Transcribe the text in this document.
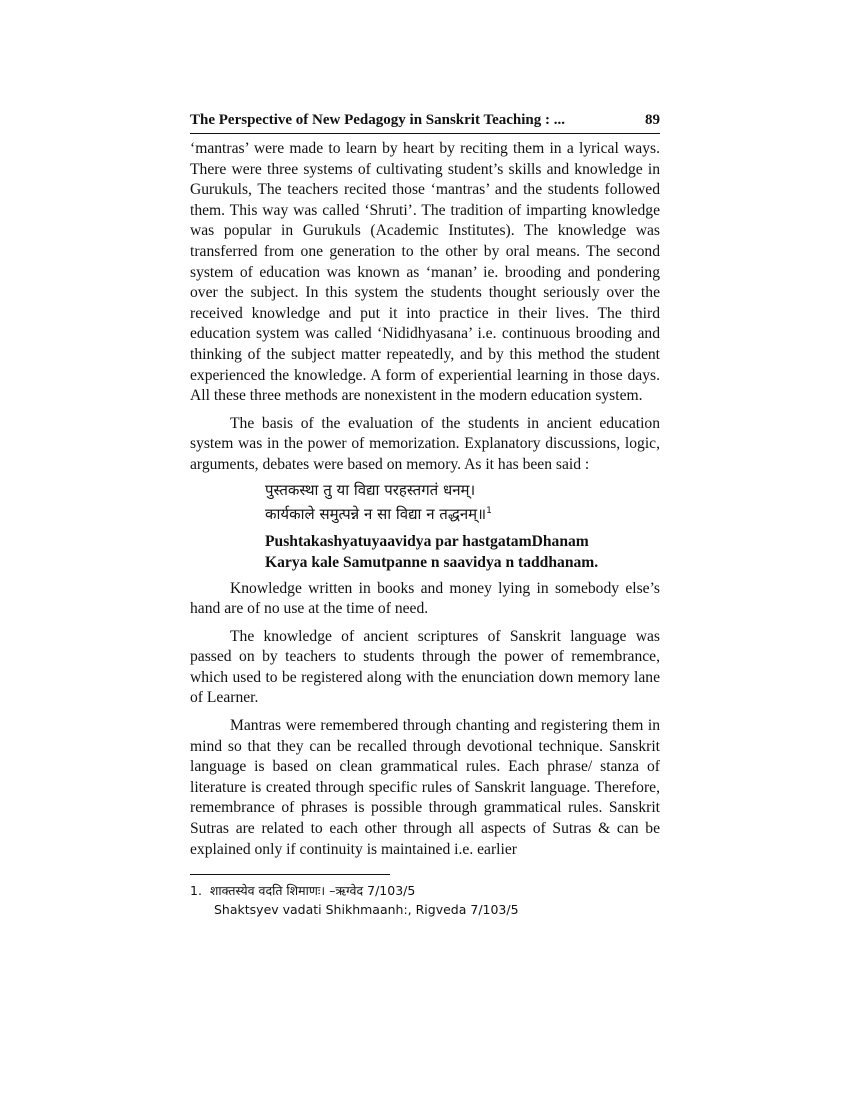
The Perspective of New Pedagogy in Sanskrit Teaching : ...	89

‘mantras’ were made to learn by heart by reciting them in a lyrical ways. There were three systems of cultivating student’s skills and knowledge in Gurukuls, The teachers recited those ‘mantras’ and the students followed them. This way was called ‘Shruti’. The tradition of imparting knowledge was popular in Gurukuls (Academic Institutes). The knowledge was transferred from one generation to the other by oral means. The second system of education was known as ‘manan’ ie. brooding and pondering over the subject. In this system the students thought seriously over the received knowledge and put it into practice in their lives. The third education system was called ‘Nididhyasana’ i.e. continuous brooding and thinking of the subject matter repeatedly, and by this method the student experienced the knowledge. A form of experiential learning in those days. All these three methods are nonexistent in the modern education system.

The basis of the evaluation of the students in ancient education system was in the power of memorization. Explanatory discussions, logic, arguments, debates were based on memory. As it has been said :

पुस्तकस्था तु या विद्या परहस्तगतं धनम्।
कार्यकाले समुत्पन्ने न सा विद्या न तद्धनम्॥$^1$
Pushtakashyatuyaavidya par hastgatamDhanam
Karya kale Samutpanne n saavidya n taddhanam.

Knowledge written in books and money lying in somebody else’s hand are of no use at the time of need.

The knowledge of ancient scriptures of Sanskrit language was passed on by teachers to students through the power of remembrance, which used to be registered along with the enunciation down memory lane of Learner.

Mantras were remembered through chanting and registering them in mind so that they can be recalled through devotional technique. Sanskrit language is based on clean grammatical rules. Each phrase/ stanza of literature is created through specific rules of Sanskrit language. Therefore, remembrance of phrases is possible through grammatical rules. Sanskrit Sutras are related to each other through all aspects of Sutras & can be explained only if continuity is maintained i.e. earlier

1. शाक्तस्येव वदति शिमाणः। –ऋग्वेद 7/103/5
Shaktsyev vadati Shikhmaanh:, Rigveda 7/103/5
